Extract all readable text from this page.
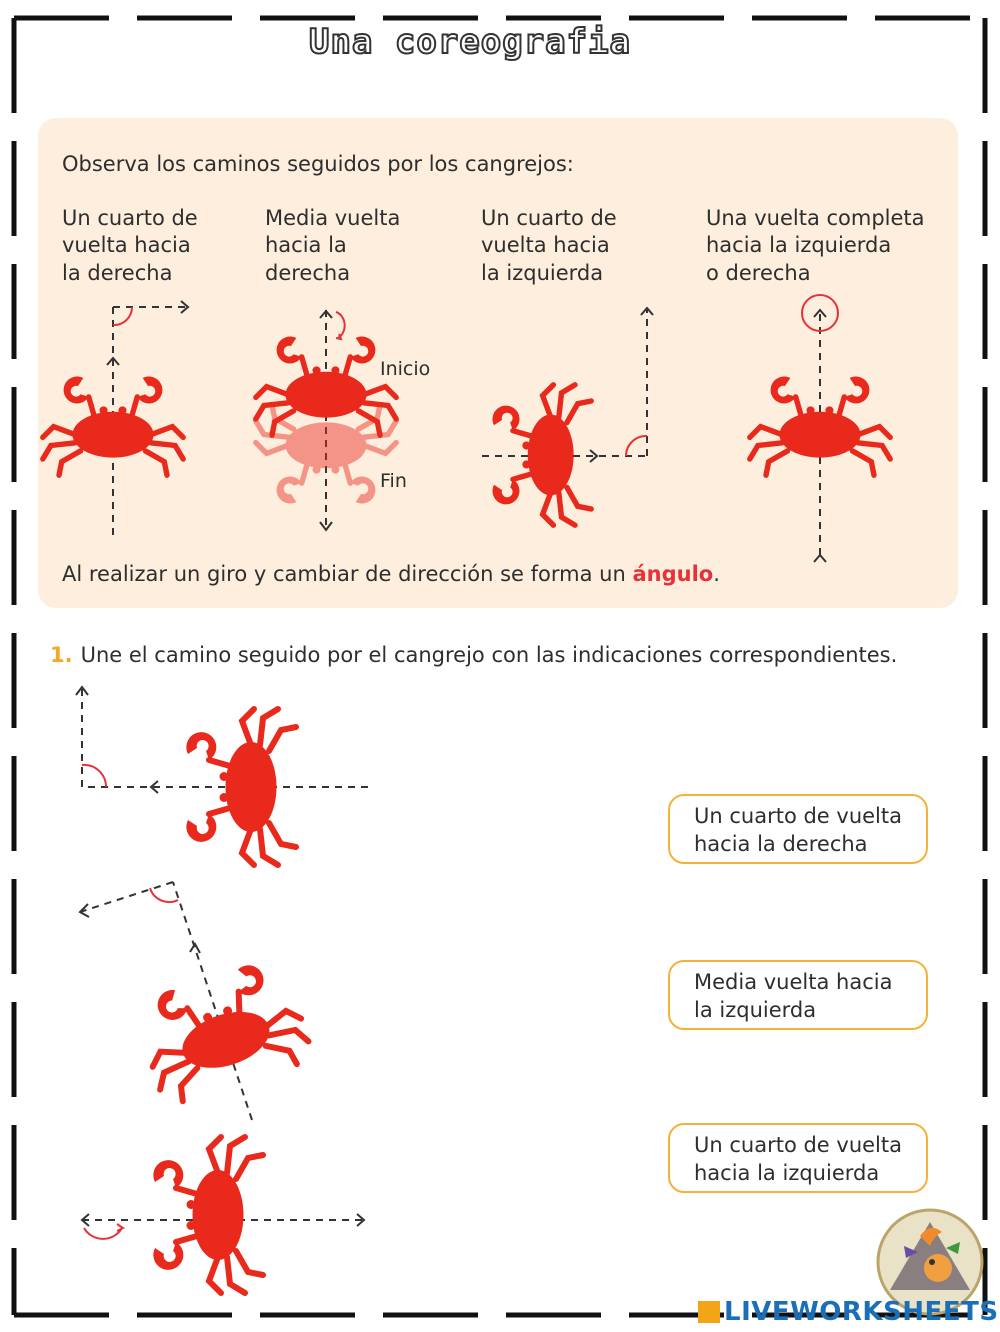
Una coreografia
Observa los caminos seguidos por los cangrejos:
Un cuarto de
vuelta hacia
la derecha
Media vuelta
hacia la
derecha
Un cuarto de
vuelta hacia
la izquierda
Una vuelta completa
hacia la izquierda
o derecha
Inicio
Fin
Al realizar un giro y cambiar de dirección se forma un ángulo.
1. Une el camino seguido por el cangrejo con las indicaciones correspondientes.
Un cuarto de vuelta
hacia la derecha
Media vuelta hacia
la izquierda
Un cuarto de vuelta
hacia la izquierda
LIVEWORKSHEETS
